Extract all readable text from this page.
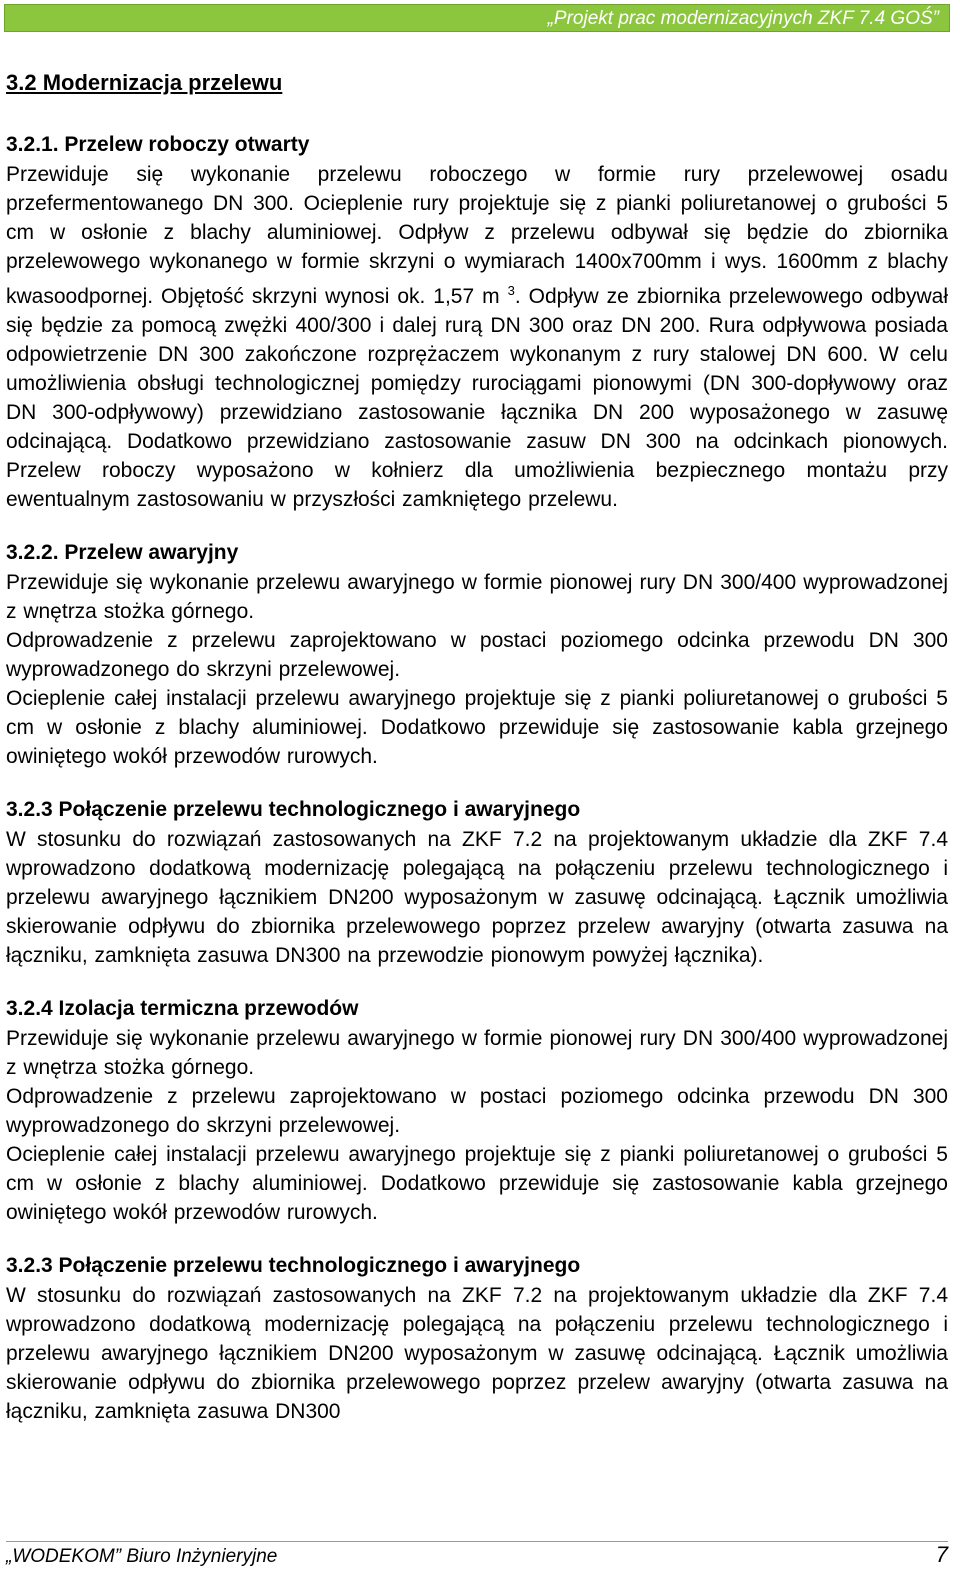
„Projekt prac modernizacyjnych ZKF 7.4 GOŚ”
3.2 Modernizacja przelewu
3.2.1. Przelew roboczy otwarty

Przewiduje się wykonanie przelewu roboczego w formie rury przelewowej osadu przefermentowanego DN 300. Ocieplenie rury projektuje się z pianki poliuretanowej o grubości 5 cm w osłonie z blachy aluminiowej. Odpływ z przelewu odbywał się będzie do zbiornika przelewowego wykonanego w formie skrzyni o wymiarach 1400x700mm i wys. 1600mm z blachy kwasoodpornej. Objętość skrzyni wynosi ok. 1,57 m $^3$. Odpływ ze zbiornika przelewowego odbywał się będzie za pomocą zwężki 400/300 i dalej rurą DN 300 oraz DN 200. Rura odpływowa posiada odpowietrzenie DN 300 zakończone rozprężaczem wykonanym z rury stalowej DN 600. W celu umożliwienia obsługi technologicznej pomiędzy rurociągami pionowymi (DN 300-dopływowy oraz DN 300-odpływowy) przewidziano zastosowanie łącznika DN 200 wyposażonego w zasuwę odcinającą. Dodatkowo przewidziano zastosowanie zasuw DN 300 na odcinkach pionowych. Przelew roboczy wyposażono w kołnierz dla umożliwienia bezpiecznego montażu przy ewentualnym zastosowaniu w przyszłości zamkniętego przelewu.

3.2.2. Przelew awaryjny

Przewiduje się wykonanie przelewu awaryjnego w formie pionowej rury DN 300/400 wyprowadzonej z wnętrza stożka górnego.

Odprowadzenie z przelewu zaprojektowano w postaci poziomego odcinka przewodu DN 300 wyprowadzonego do skrzyni przelewowej.

Ocieplenie całej instalacji przelewu awaryjnego projektuje się z pianki poliuretanowej o grubości 5 cm w osłonie z blachy aluminiowej. Dodatkowo przewiduje się zastosowanie kabla grzejnego owiniętego wokół przewodów rurowych.

3.2.3 Połączenie przelewu technologicznego i awaryjnego

W stosunku do rozwiązań zastosowanych na ZKF 7.2 na projektowanym układzie dla ZKF 7.4 wprowadzono dodatkową modernizację polegającą na połączeniu przelewu technologicznego i przelewu awaryjnego łącznikiem DN200 wyposażonym w zasuwę odcinającą. Łącznik umożliwia skierowanie odpływu do zbiornika przelewowego poprzez przelew awaryjny (otwarta zasuwa na łączniku, zamknięta zasuwa DN300 na przewodzie pionowym powyżej łącznika).

3.2.4 Izolacja termiczna przewodów

Przewiduje się wykonanie przelewu awaryjnego w formie pionowej rury DN 300/400 wyprowadzonej z wnętrza stożka górnego.

Odprowadzenie z przelewu zaprojektowano w postaci poziomego odcinka przewodu DN 300 wyprowadzonego do skrzyni przelewowej.

Ocieplenie całej instalacji przelewu awaryjnego projektuje się z pianki poliuretanowej o grubości 5 cm w osłonie z blachy aluminiowej. Dodatkowo przewiduje się zastosowanie kabla grzejnego owiniętego wokół przewodów rurowych.

3.2.3 Połączenie przelewu technologicznego i awaryjnego

W stosunku do rozwiązań zastosowanych na ZKF 7.2 na projektowanym układzie dla ZKF 7.4 wprowadzono dodatkową modernizację polegającą na połączeniu przelewu technologicznego i przelewu awaryjnego łącznikiem DN200 wyposażonym w zasuwę odcinającą. Łącznik umożliwia skierowanie odpływu do zbiornika przelewowego poprzez przelew awaryjny (otwarta zasuwa na łączniku, zamknięta zasuwa DN300

„WODEKOM” Biuro Inżynieryjne	7
